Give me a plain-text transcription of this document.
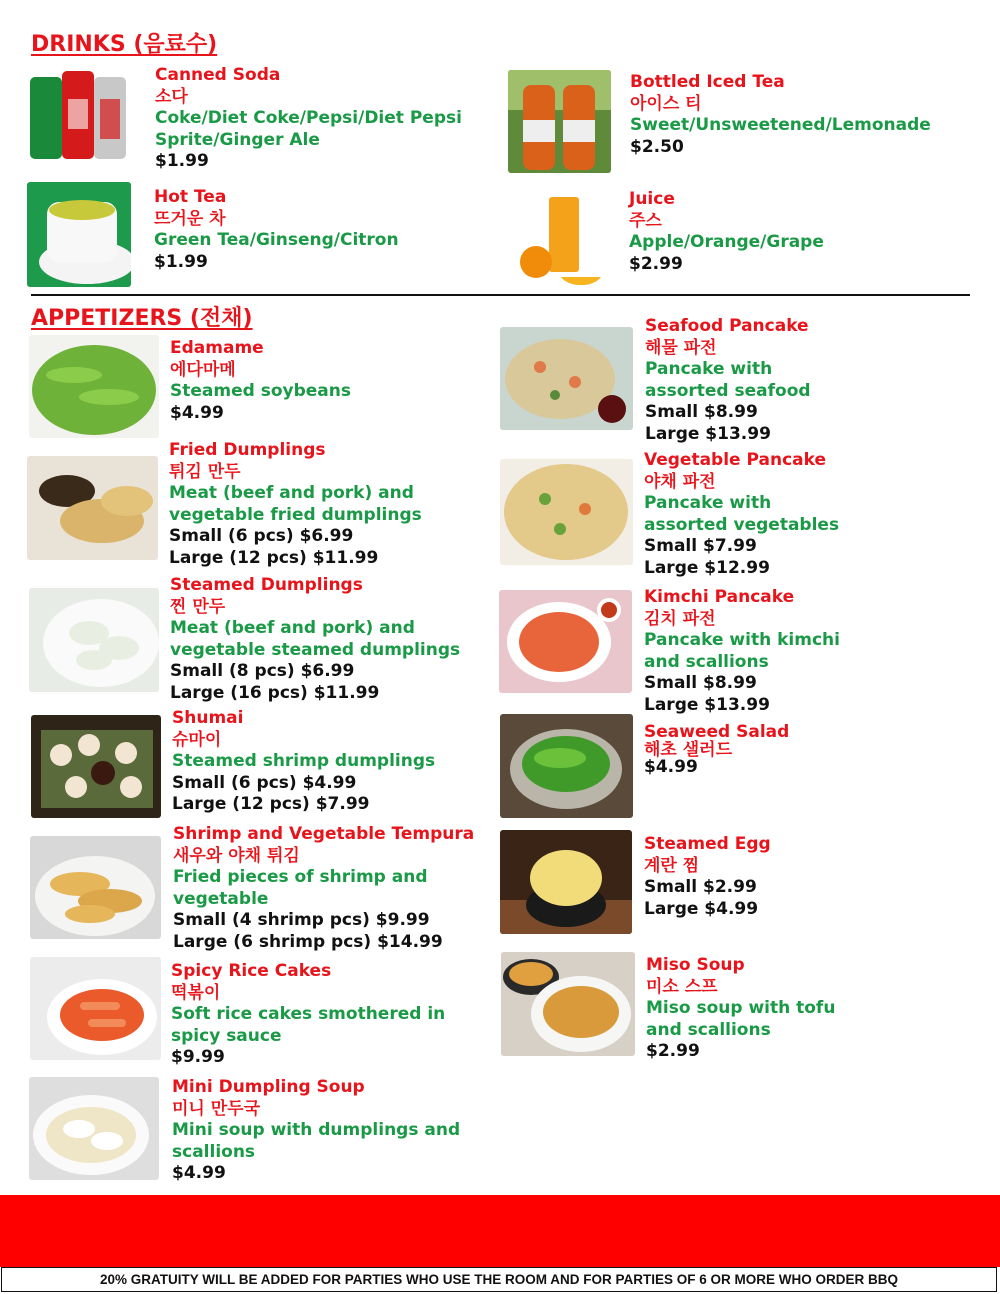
DRINKS (음료수)
Canned Soda
소다
Coke/Diet Coke/Pepsi/Diet Pepsi Sprite/Ginger Ale
$1.99
Bottled Iced Tea
아이스 티
Sweet/Unsweetened/Lemonade
$2.50
Hot Tea
뜨거운 차
Green Tea/Ginseng/Citron
$1.99
Juice
주스
Apple/Orange/Grape
$2.99
APPETIZERS (전채)
Edamame
에다마메
Steamed soybeans
$4.99
Fried Dumplings
튀김 만두
Meat (beef and pork) and vegetable fried dumplings
Small (6 pcs) $6.99
Large (12 pcs) $11.99
Steamed Dumplings
찐 만두
Meat (beef and pork) and vegetable steamed dumplings
Small (8 pcs) $6.99
Large (16 pcs) $11.99
Shumai
슈마이
Steamed shrimp dumplings
Small (6 pcs) $4.99
Large (12 pcs) $7.99
Shrimp and Vegetable Tempura
새우와 야채 튀김
Fried pieces of shrimp and vegetable
Small (4 shrimp pcs) $9.99
Large (6 shrimp pcs) $14.99
Spicy Rice Cakes
떡볶이
Soft rice cakes smothered in spicy sauce
$9.99
Mini Dumpling Soup
미니 만두국
Mini soup with dumplings and scallions
$4.99
Seafood Pancake
해물 파전
Pancake with assorted seafood
Small $8.99
Large $13.99
Vegetable Pancake
야채 파전
Pancake with assorted vegetables
Small $7.99
Large $12.99
Kimchi Pancake
김치 파전
Pancake with kimchi and scallions
Small $8.99
Large $13.99
Seaweed Salad
해초 샐러드
$4.99
Steamed Egg
계란 찜
Small $2.99
Large $4.99
Miso Soup
미소 스프
Miso soup with tofu and scallions
$2.99
20% GRATUITY WILL BE ADDED FOR PARTIES WHO USE THE ROOM AND FOR PARTIES OF 6 OR MORE WHO ORDER BBQ
